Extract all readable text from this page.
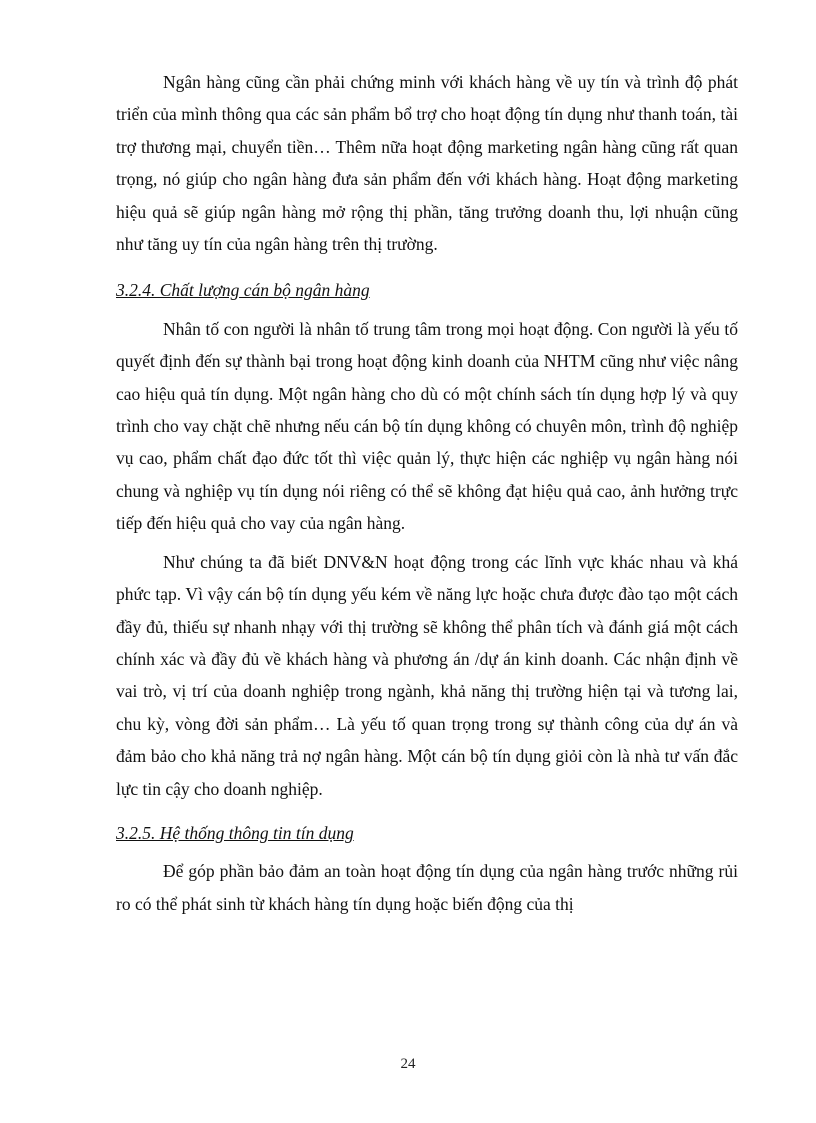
Ngân hàng cũng cần phải chứng minh với khách hàng về uy tín và trình độ phát triển của mình thông qua các sản phẩm bổ trợ cho hoạt động tín dụng như thanh toán, tài trợ thương mại, chuyển tiền… Thêm nữa hoạt động marketing ngân hàng cũng rất quan trọng, nó giúp cho ngân hàng đưa sản phẩm đến với khách hàng. Hoạt động marketing hiệu quả sẽ giúp ngân hàng mở rộng thị phần, tăng trưởng doanh thu, lợi nhuận cũng như tăng uy tín của ngân hàng trên thị trường.

3.2.4. Chất lượng cán bộ ngân hàng

Nhân tố con người là nhân tố trung tâm trong mọi hoạt động. Con người là yếu tố quyết định đến sự thành bại trong hoạt động kinh doanh của NHTM cũng như việc nâng cao hiệu quả tín dụng. Một ngân hàng cho dù có một chính sách tín dụng hợp lý và quy trình cho vay chặt chẽ nhưng nếu cán bộ tín dụng không có chuyên môn, trình độ nghiệp vụ cao, phẩm chất đạo đức tốt thì việc quản lý, thực hiện các nghiệp vụ ngân hàng nói chung và nghiệp vụ tín dụng nói riêng có thể sẽ không đạt hiệu quả cao, ảnh hưởng trực tiếp đến hiệu quả cho vay của ngân hàng.

Như chúng ta đã biết DNV&N hoạt động trong các lĩnh vực khác nhau và khá phức tạp. Vì vậy cán bộ tín dụng yếu kém về năng lực hoặc chưa được đào tạo một cách đầy đủ, thiếu sự nhanh nhạy với thị trường sẽ không thể phân tích và đánh giá một cách chính xác và đầy đủ về khách hàng và phương án /dự án kinh doanh. Các nhận định về vai trò, vị trí của doanh nghiệp trong ngành, khả năng thị trường hiện tại và tương lai, chu kỳ, vòng đời sản phẩm… Là yếu tố quan trọng trong sự thành công của dự án và đảm bảo cho khả năng trả nợ ngân hàng. Một cán bộ tín dụng giỏi còn là nhà tư vấn đắc lực tin cậy cho doanh nghiệp.

3.2.5. Hệ thống thông tin tín dụng

Để góp phần bảo đảm an toàn hoạt động tín dụng của ngân hàng trước những rủi ro có thể phát sinh từ khách hàng tín dụng hoặc biến động của thị

24
